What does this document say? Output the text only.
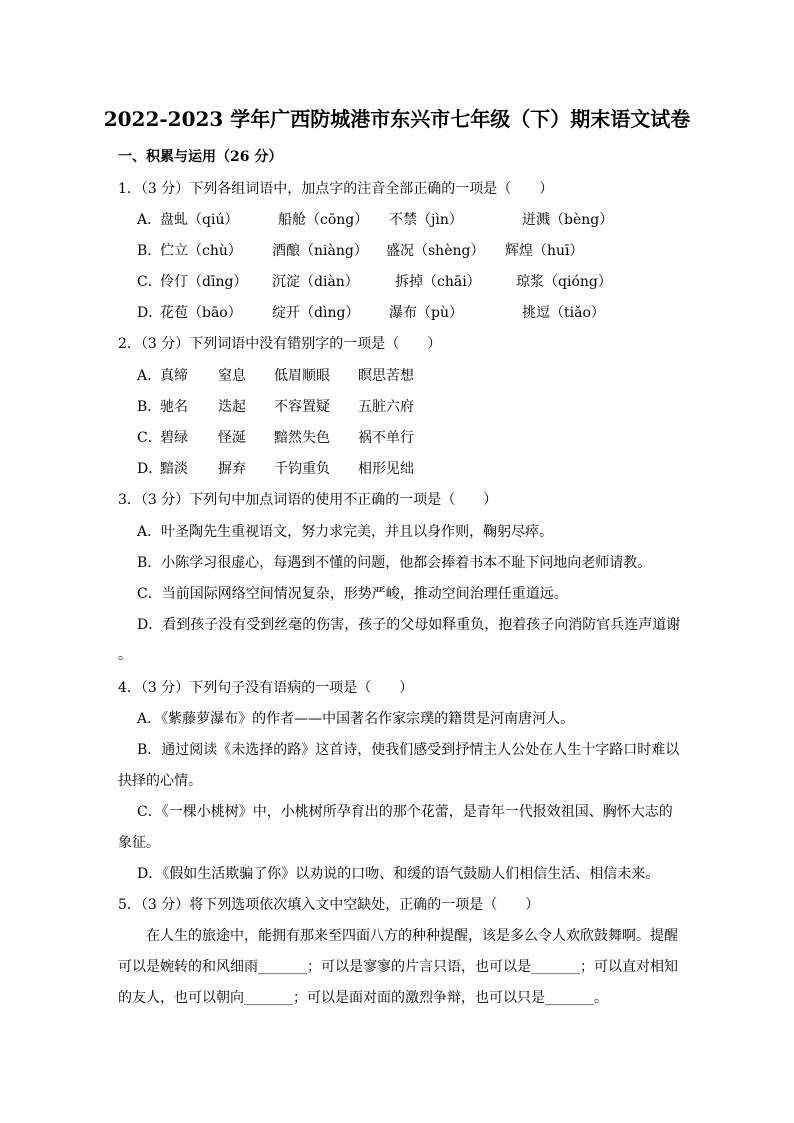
2022-2023 学年广西防城港市东兴市七年级（下）期末语文试卷
一、积累与运用（26 分）
1．（3 分）下列各组词语中，加点字的注音全部正确的一项是（　　）
A．
盘虬（qiú）	船舱（cōng） 不禁（jìn）	迸溅（bèng）
B．
伫立（chù） 酒酿（niàng） 盛况（shèng） 辉煌（huī）
C．
伶仃（dīng） 沉淀（diàn）	拆掉（chāi）	琼浆（qióng）
D．
花苞（bāo） 绽开（dìng） 瀑布（pù）	挑逗（tiǎo）
2．（3 分）下列词语中没有错别字的一项是（　　）
A．
真缔 窒息 低眉顺眼 瞑思苦想
B．
驰名 迭起 不容置疑 五脏六府
C．
碧绿 怪涎 黯然失色 祸不单行
D．
黯淡 摒弃 千钧重负 相形见绌
3．（3 分）下列句中加点词语的使用不正确的一项是（　　）
A．叶圣陶先生重视语文，努力求完美，并且以身作则，鞠躬尽瘁。
B．小陈学习很虚心，每遇到不懂的问题，他都会捧着书本不耻下问地向老师请教。
C．当前国际网络空间情况复杂，形势严峻，推动空间治理任重道远。
D．看到孩子没有受到丝毫的伤害，孩子的父母如释重负，抱着孩子向消防官兵连声道谢
。
4．（3 分）下列句子没有语病的一项是（　　）
A．《紫藤萝瀑布》的作者——中国著名作家宗璞的籍贯是河南唐河人。
B．通过阅读《未选择的路》这首诗，使我们感受到抒情主人公处在人生十字路口时难以
抉择的心情。
C．《一棵小桃树》中，小桃树所孕育出的那个花蕾，是青年一代报效祖国、胸怀大志的
象征。
D．《假如生活欺骗了你》以劝说的口吻、和缓的语气鼓励人们相信生活、相信未来。
5．（3 分）将下列选项依次填入文中空缺处，正确的一项是（　　）
在人生的旅途中，能拥有那来至四面八方的种种提醒，该是多么令人欢欣鼓舞啊。提醒
可以是婉转的和风细雨_______；可以是寥寥的片言只语，也可以是_______；可以直对相知
的友人，也可以朝向_______；可以是面对面的激烈争辩，也可以只是_______。
